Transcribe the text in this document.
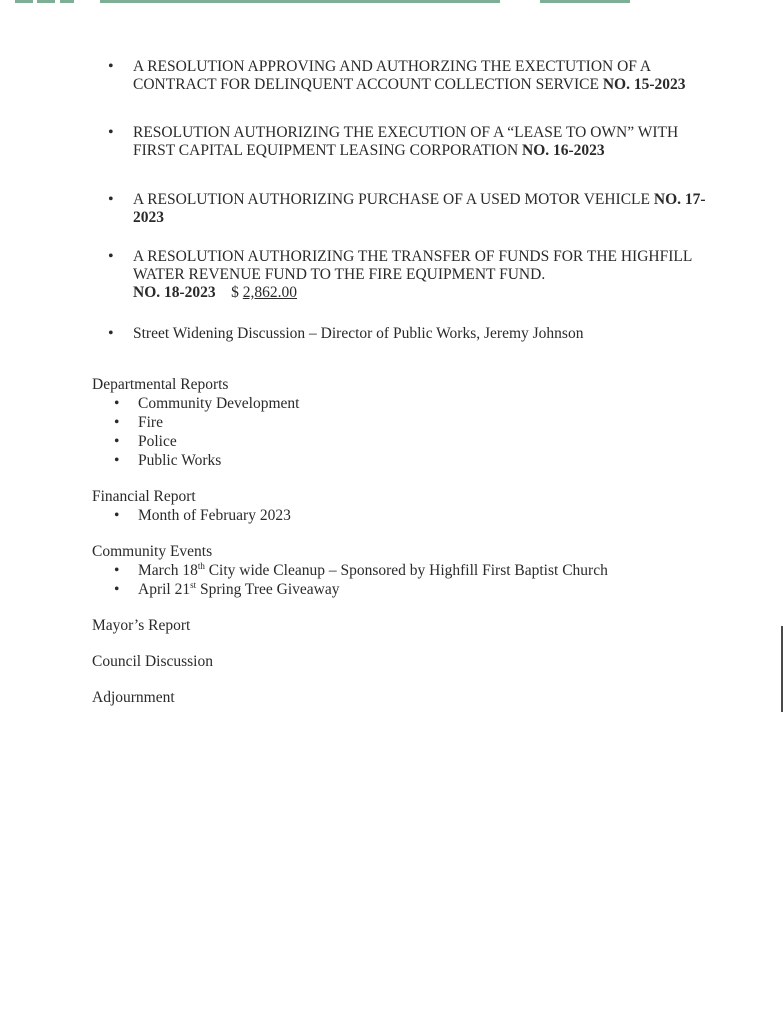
• A RESOLUTION APPROVING AND AUTHORZING THE EXECTUTION OF A CONTRACT FOR DELINQUENT ACCOUNT COLLECTION SERVICE NO. 15-2023
• RESOLUTION AUTHORIZING THE EXECUTION OF A “LEASE TO OWN” WITH FIRST CAPITAL EQUIPMENT LEASING CORPORATION NO. 16-2023
• A RESOLUTION AUTHORIZING PURCHASE OF A USED MOTOR VEHICLE NO. 17-2023
• A RESOLUTION AUTHORIZING THE TRANSFER OF FUNDS FOR THE HIGHFILL WATER REVENUE FUND TO THE FIRE EQUIPMENT FUND.
NO. 18-2023 $ 2,862.00
• Street Widening Discussion – Director of Public Works, Jeremy Johnson
Departmental Reports
• Community Development
• Fire
• Police
• Public Works
Financial Report
• Month of February 2023
Community Events
• March 18th City wide Cleanup – Sponsored by Highfill First Baptist Church
• April 21st Spring Tree Giveaway
Mayor’s Report
Council Discussion
Adjournment
